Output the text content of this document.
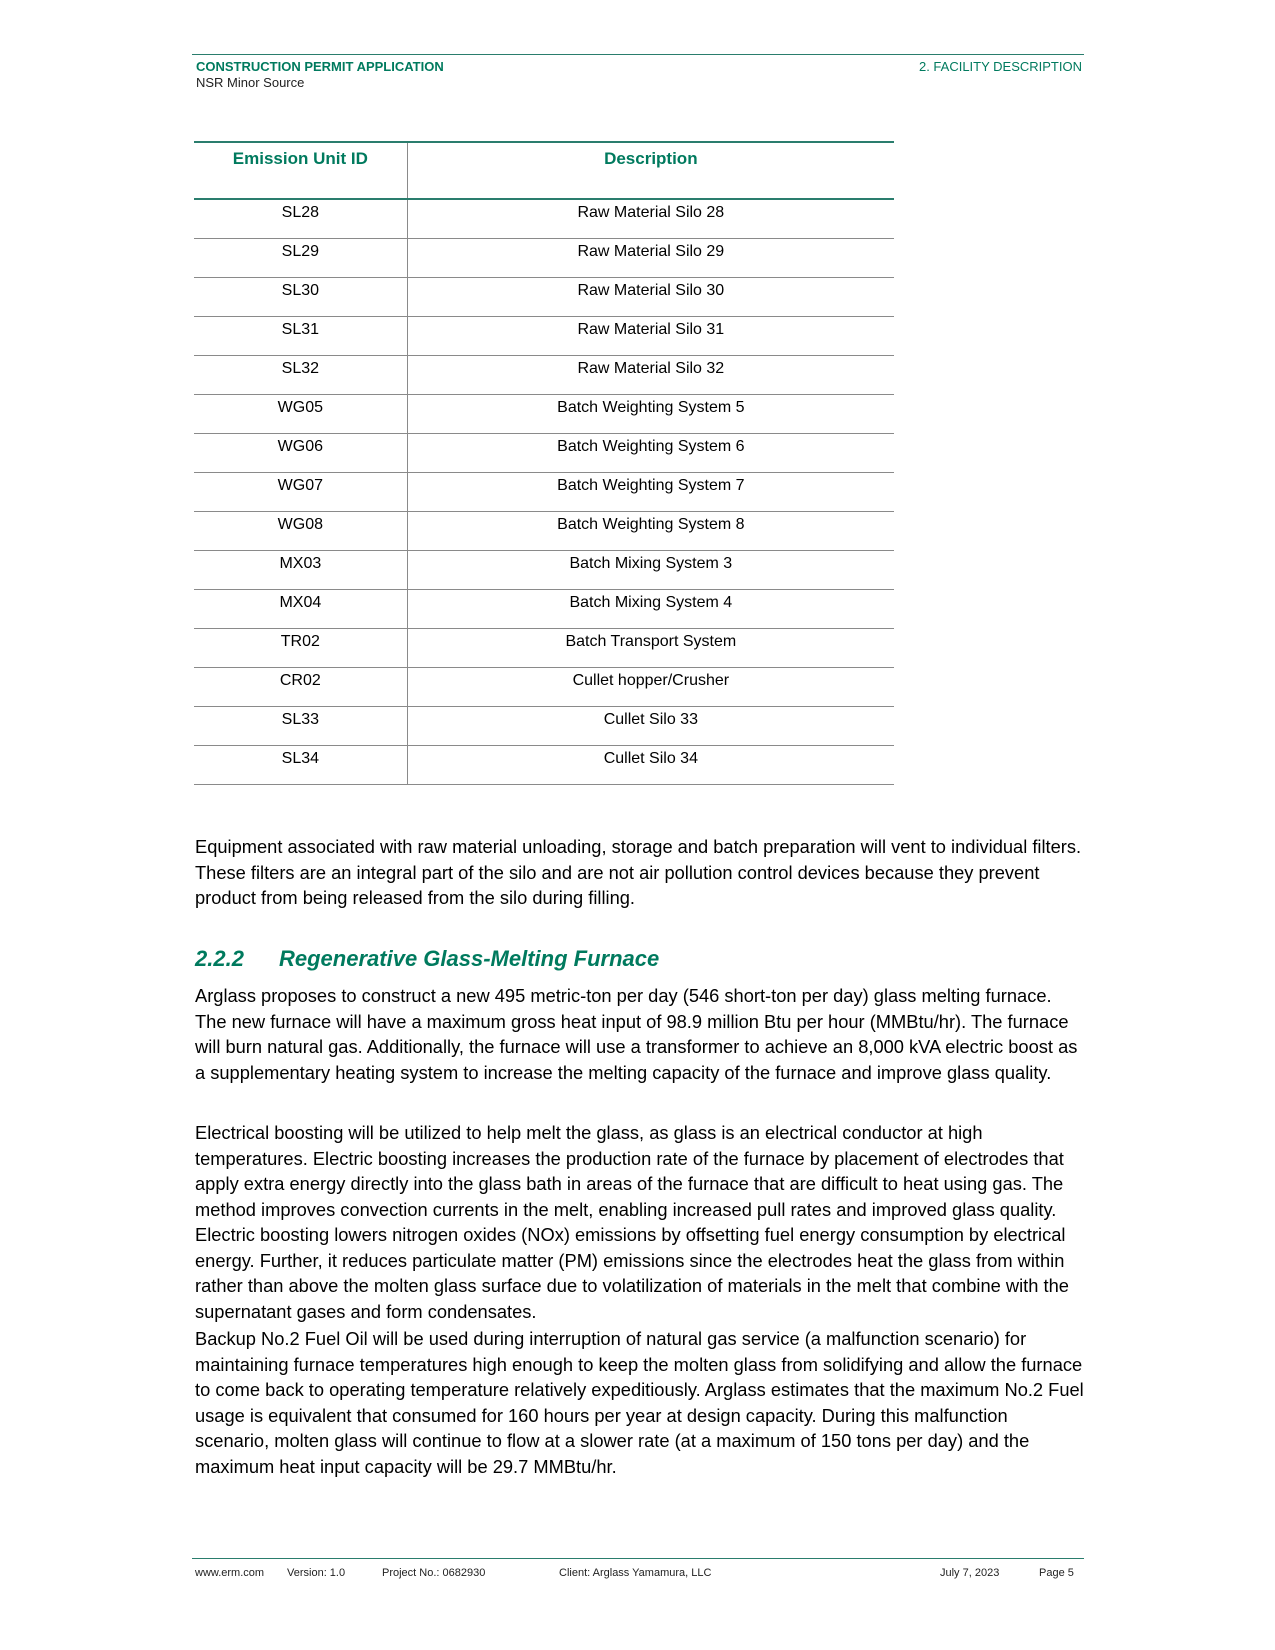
CONSTRUCTION PERMIT APPLICATION
NSR Minor Source
2. FACILITY DESCRIPTION
Emission Unit ID	Description
SL28	Raw Material Silo 28
SL29	Raw Material Silo 29
SL30	Raw Material Silo 30
SL31	Raw Material Silo 31
SL32	Raw Material Silo 32
WG05	Batch Weighting System 5
WG06	Batch Weighting System 6
WG07	Batch Weighting System 7
WG08	Batch Weighting System 8
MX03	Batch Mixing System 3
MX04	Batch Mixing System 4
TR02	Batch Transport System
CR02	Cullet hopper/Crusher
SL33	Cullet Silo 33
SL34	Cullet Silo 34

Equipment associated with raw material unloading, storage and batch preparation will vent to individual filters. These filters are an integral part of the silo and are not air pollution control devices because they prevent product from being released from the silo during filling.

2.2.2 Regenerative Glass-Melting Furnace

Arglass proposes to construct a new 495 metric-ton per day (546 short-ton per day) glass melting furnace. The new furnace will have a maximum gross heat input of 98.9 million Btu per hour (MMBtu/hr). The furnace will burn natural gas. Additionally, the furnace will use a transformer to achieve an 8,000 kVA electric boost as a supplementary heating system to increase the melting capacity of the furnace and improve glass quality.

Electrical boosting will be utilized to help melt the glass, as glass is an electrical conductor at high temperatures. Electric boosting increases the production rate of the furnace by placement of electrodes that apply extra energy directly into the glass bath in areas of the furnace that are difficult to heat using gas. The method improves convection currents in the melt, enabling increased pull rates and improved glass quality. Electric boosting lowers nitrogen oxides (NOx) emissions by offsetting fuel energy consumption by electrical energy. Further, it reduces particulate matter (PM) emissions since the electrodes heat the glass from within rather than above the molten glass surface due to volatilization of materials in the melt that combine with the supernatant gases and form condensates.

Backup No.2 Fuel Oil will be used during interruption of natural gas service (a malfunction scenario) for maintaining furnace temperatures high enough to keep the molten glass from solidifying and allow the furnace to come back to operating temperature relatively expeditiously. Arglass estimates that the maximum No.2 Fuel usage is equivalent that consumed for 160 hours per year at design capacity. During this malfunction scenario, molten glass will continue to flow at a slower rate (at a maximum of 150 tons per day) and the maximum heat input capacity will be 29.7 MMBtu/hr.

www.erm.com Version: 1.0	Project No.: 0682930	Client: Arglass Yamamura, LLC	July 7, 2023	Page 5
